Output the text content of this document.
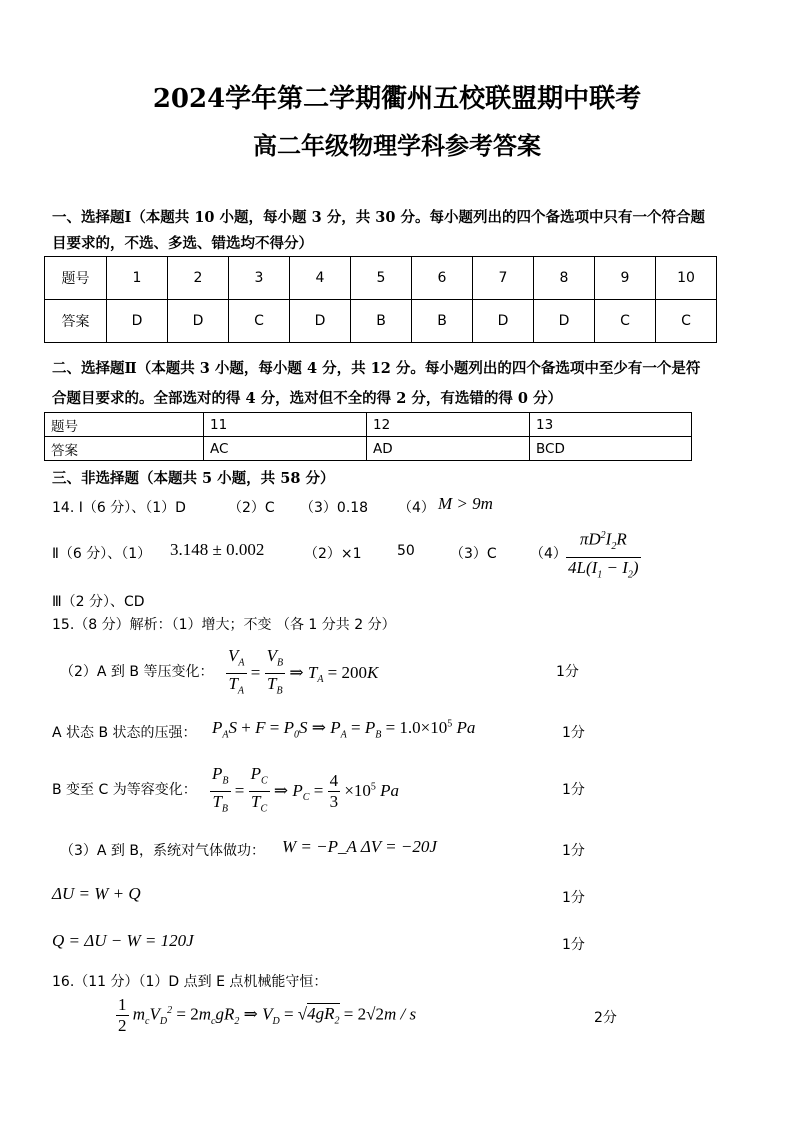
2024学年第二学期衢州五校联盟期中联考
高二年级物理学科参考答案
一、选择题Ⅰ（本题共 10 小题，每小题 3 分，共 30 分。每小题列出的四个备选项中只有一个符合题
目要求的，不选、多选、错选均不得分）
题号	1	2	3	4	5	6	7	8	9	10
答案	D	D	C	D	B	B	D	D	C	C
二、选择题Ⅱ（本题共 3 小题，每小题 4 分，共 12 分。每小题列出的四个备选项中至少有一个是符
合题目要求的。全部选对的得 4 分，选对但不全的得 2 分，有选错的得 0 分）
题号	11	12	13
答案	AC	AD	BCD
三、非选择题（本题共 5 小题，共 58 分）
14. Ⅰ（6 分）、（1）D	（2）C （3）0.18 （4） M > 9m
Ⅱ（6 分）、（1） 3.148 ± 0.002	（2）×1	50	（3）C $(4) \frac{\pi D^2I_2R}{4L(I_1 - I_2)}$
Ⅲ（2 分）、CD
15.（8 分）解析：（1）增大；不变 （各 1 分共 2 分）
（2）A 到 B 等压变化： $\frac{V_A}{T_A} = \frac{V_B}{T_B}$ ⇒ $T_A = 200K$	1分
A 状态 B 状态的压强： $P_AS + F = P_0S$ ⇒ $P_A = P_B = 1.0\times 10^5$ Pa	1分
B 变至 C 为等容变化： $\frac{P_B}{T_B} = \frac{P_C}{T_C}$ ⇒ $P_C = \frac{4}{3} \times 10^5$ Pa	1分
（3）A 到 B，系统对气体做功： W = −P_A ΔV = −20J	1分
ΔU = W + Q	1分
Q = ΔU − W = 120J	1分
16.（11 分）（1）D 点到 E 点机械能守恒：
$\frac{1}{2} m_cV_D^2 = 2m_cgR_2$ ⇒ $V_D = √4gR_2 = 2√2m / s$	2分
